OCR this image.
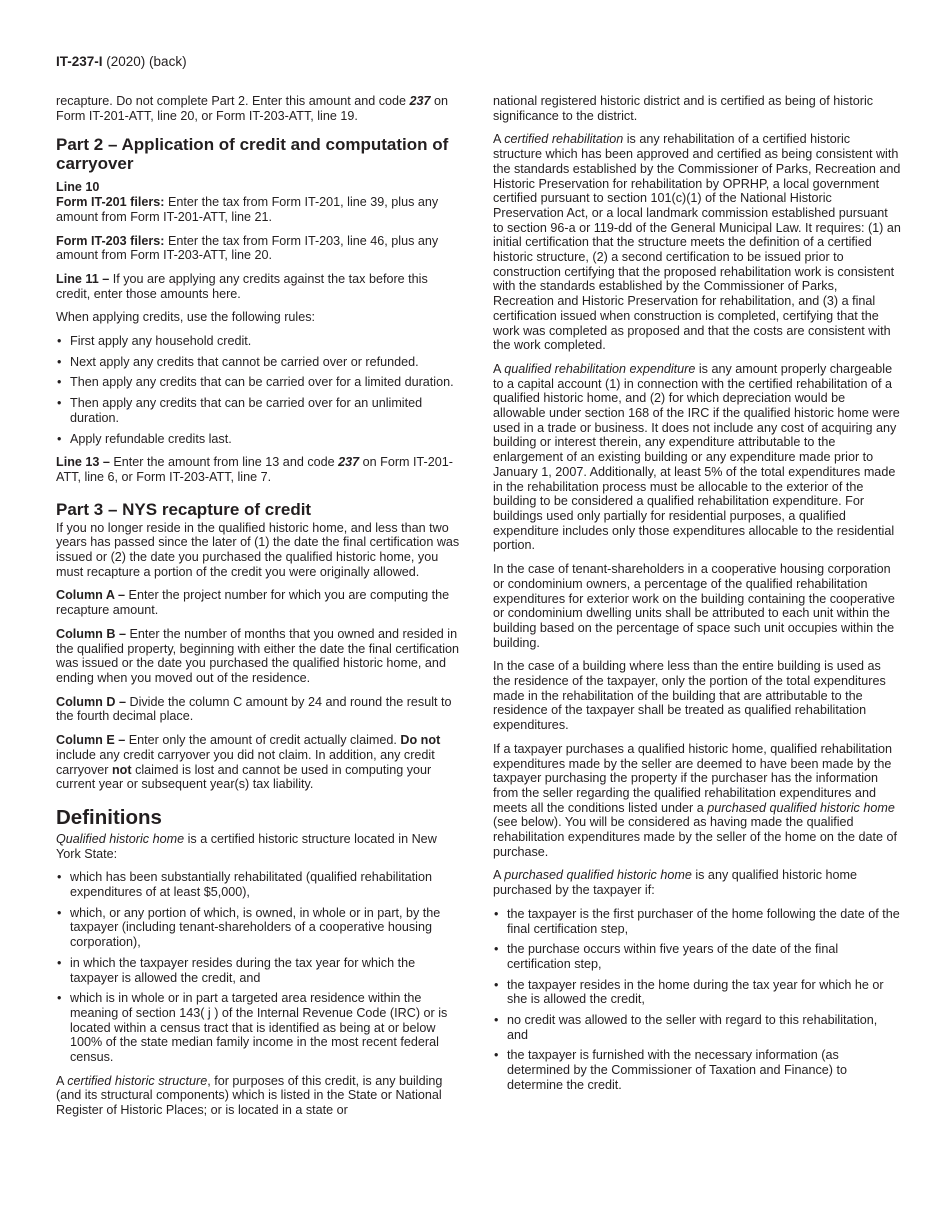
IT-237-I (2020) (back)

recapture. Do not complete Part 2. Enter this amount and code 237 on Form IT-201-ATT, line 20, or Form IT-203-ATT, line 19.

Part 2 – Application of credit and computation of carryover
Line 10

Form IT-201 filers: Enter the tax from Form IT-201, line 39, plus any amount from Form IT-201-ATT, line 21.

Form IT-203 filers: Enter the tax from Form IT-203, line 46, plus any amount from Form IT-203-ATT, line 20.

Line 11 – If you are applying any credits against the tax before this credit, enter those amounts here.

When applying credits, use the following rules:

• First apply any household credit.
• Next apply any credits that cannot be carried over or refunded.
• Then apply any credits that can be carried over for a limited duration.
• Then apply any credits that can be carried over for an unlimited duration.
• Apply refundable credits last.

Line 13 – Enter the amount from line 13 and code 237 on Form IT-201-ATT, line 6, or Form IT-203-ATT, line 7.

Part 3 – NYS recapture of credit

If you no longer reside in the qualified historic home, and less than two years has passed since the later of (1) the date the final certification was issued or (2) the date you purchased the qualified historic home, you must recapture a portion of the credit you were originally allowed.

Column A – Enter the project number for which you are computing the recapture amount.

Column B – Enter the number of months that you owned and resided in the qualified property, beginning with either the date the final certification was issued or the date you purchased the qualified historic home, and ending when you moved out of the residence.

Column D – Divide the column C amount by 24 and round the result to the fourth decimal place.

Column E – Enter only the amount of credit actually claimed. Do not include any credit carryover you did not claim. In addition, any credit carryover not claimed is lost and cannot be used in computing your current year or subsequent year(s) tax liability.

Definitions

Qualified historic home is a certified historic structure located in New York State:

• which has been substantially rehabilitated (qualified rehabilitation expenditures of at least $5,000),
• which, or any portion of which, is owned, in whole or in part, by the taxpayer (including tenant-shareholders of a cooperative housing corporation),
• in which the taxpayer resides during the tax year for which the taxpayer is allowed the credit, and
• which is in whole or in part a targeted area residence within the meaning of section 143( j ) of the Internal Revenue Code (IRC) or is located within a census tract that is identified as being at or below 100% of the state median family income in the most recent federal census.

A certified historic structure, for purposes of this credit, is any building (and its structural components) which is listed in the State or National Register of Historic Places; or is located in a state or

national registered historic district and is certified as being of historic significance to the district.

A certified rehabilitation is any rehabilitation of a certified historic structure which has been approved and certified as being consistent with the standards established by the Commissioner of Parks, Recreation and Historic Preservation for rehabilitation by OPRHP, a local government certified pursuant to section 101(c)(1) of the National Historic Preservation Act, or a local landmark commission established pursuant to section 96-a or 119-dd of the General Municipal Law. It requires: (1) an initial certification that the structure meets the definition of a certified historic structure, (2) a second certification to be issued prior to construction certifying that the proposed rehabilitation work is consistent with the standards established by the Commissioner of Parks, Recreation and Historic Preservation for rehabilitation, and (3) a final certification issued when construction is completed, certifying that the work was completed as proposed and that the costs are consistent with the work completed.

A qualified rehabilitation expenditure is any amount properly chargeable to a capital account (1) in connection with the certified rehabilitation of a qualified historic home, and (2) for which depreciation would be allowable under section 168 of the IRC if the qualified historic home were used in a trade or business. It does not include any cost of acquiring any building or interest therein, any expenditure attributable to the enlargement of an existing building or any expenditure made prior to January 1, 2007. Additionally, at least 5% of the total expenditures made in the rehabilitation process must be allocable to the exterior of the building to be considered a qualified rehabilitation expenditure. For buildings used only partially for residential purposes, a qualified expenditure includes only those expenditures allocable to the residential portion.

In the case of tenant-shareholders in a cooperative housing corporation or condominium owners, a percentage of the qualified rehabilitation expenditures for exterior work on the building containing the cooperative or condominium dwelling units shall be attributed to each unit within the building based on the percentage of space such unit occupies within the building.

In the case of a building where less than the entire building is used as the residence of the taxpayer, only the portion of the total expenditures made in the rehabilitation of the building that are attributable to the residence of the taxpayer shall be treated as qualified rehabilitation expenditures.

If a taxpayer purchases a qualified historic home, qualified rehabilitation expenditures made by the seller are deemed to have been made by the taxpayer purchasing the property if the purchaser has the information from the seller regarding the qualified rehabilitation expenditures and meets all the conditions listed under a purchased qualified historic home (see below). You will be considered as having made the qualified rehabilitation expenditures made by the seller of the home on the date of purchase.

A purchased qualified historic home is any qualified historic home purchased by the taxpayer if:

• the taxpayer is the first purchaser of the home following the date of the final certification step,
• the purchase occurs within five years of the date of the final certification step,
• the taxpayer resides in the home during the tax year for which he or she is allowed the credit,
• no credit was allowed to the seller with regard to this rehabilitation, and
• the taxpayer is furnished with the necessary information (as determined by the Commissioner of Taxation and Finance) to determine the credit.
